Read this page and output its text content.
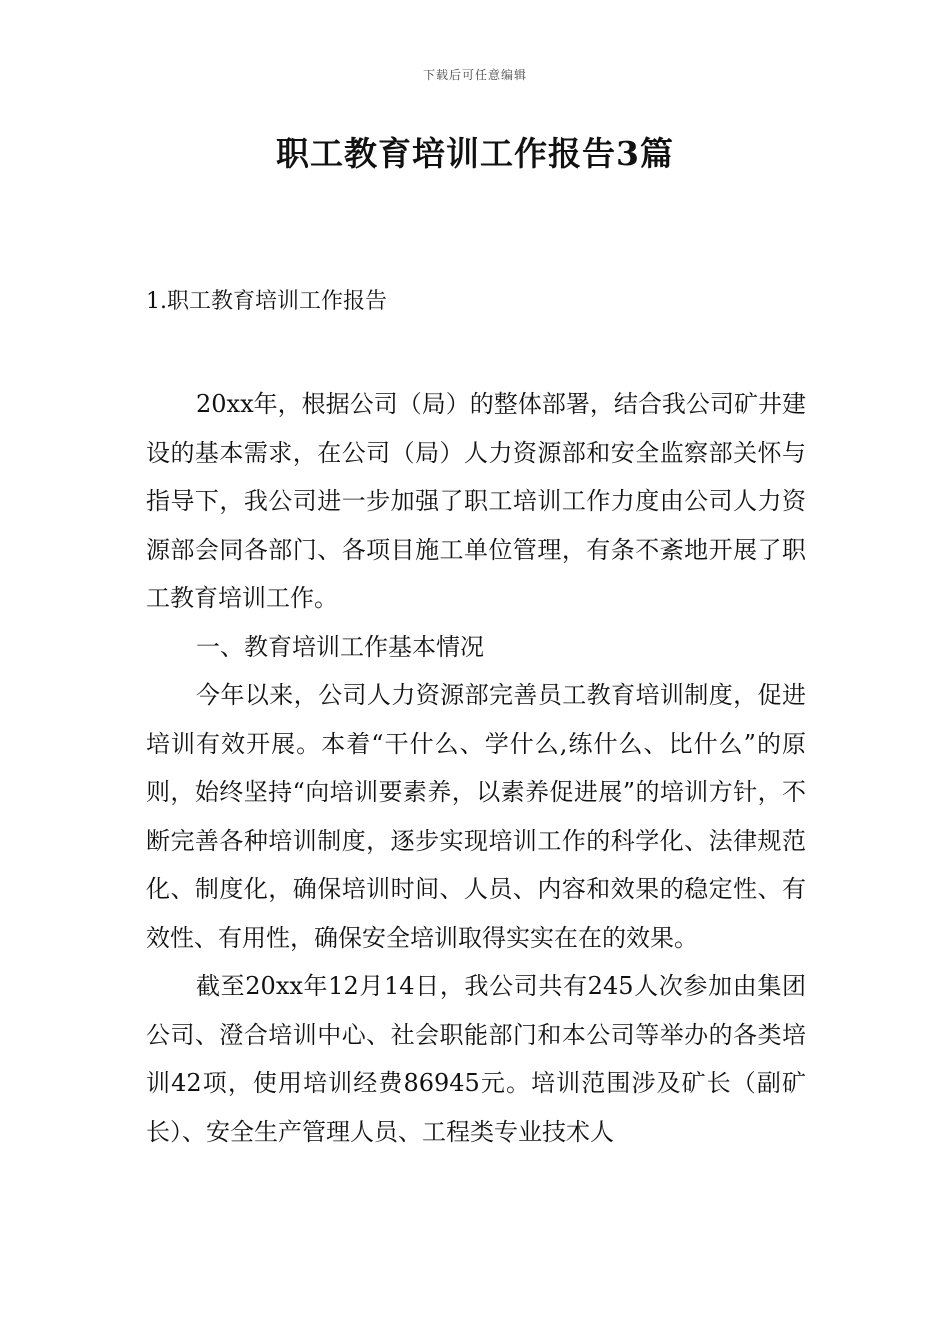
下载后可任意编辑
职工教育培训工作报告3篇
1.职工教育培训工作报告

20xx年，根据公司（局）的整体部署，结合我公司矿井建设的基本需求，在公司（局）人力资源部和安全监察部关怀与指导下，我公司进一步加强了职工培训工作力度由公司人力资源部会同各部门、各项目施工单位管理，有条不紊地开展了职工教育培训工作。

一、教育培训工作基本情况

今年以来，公司人力资源部完善员工教育培训制度，促进培训有效开展。本着“干什么、学什么,练什么、比什么”的原则，始终坚持“向培训要素养，以素养促进展”的培训方针，不断完善各种培训制度，逐步实现培训工作的科学化、法律规范化、制度化，确保培训时间、人员、内容和效果的稳定性、有效性、有用性，确保安全培训取得实实在在的效果。

截至20xx年12月14日，我公司共有245人次参加由集团公司、澄合培训中心、社会职能部门和本公司等举办的各类培训42项，使用培训经费86945元。培训范围涉及矿长（副矿长）、安全生产管理人员、工程类专业技术人
